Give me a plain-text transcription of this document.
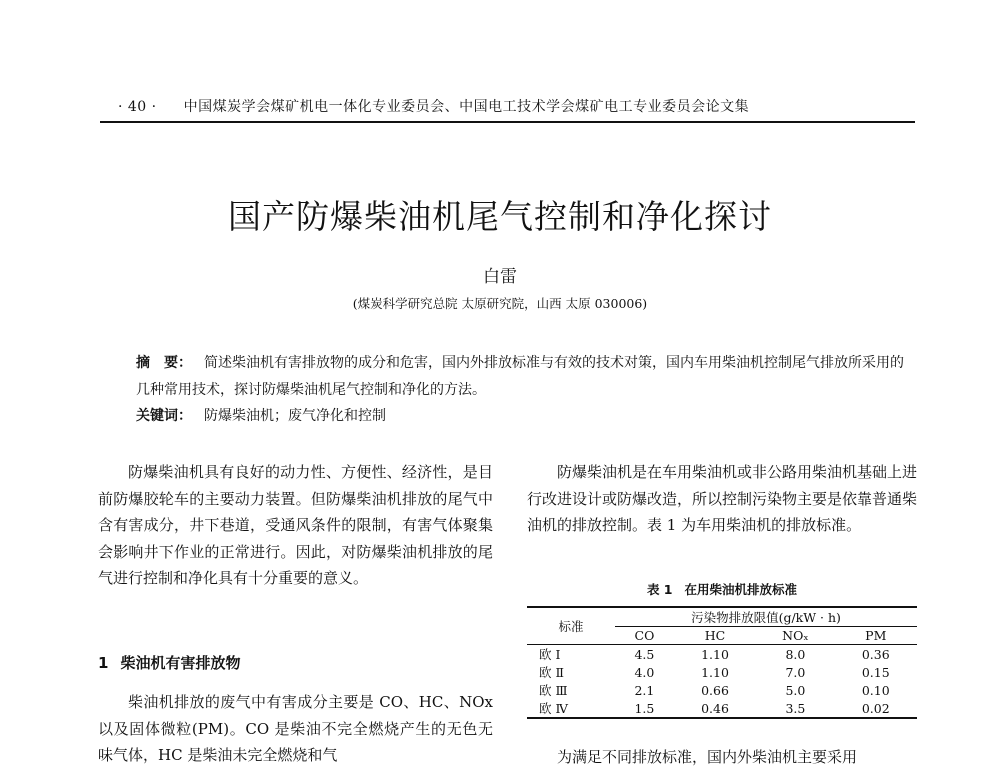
· 40 · 中国煤炭学会煤矿机电一体化专业委员会、中国电工技术学会煤矿电工专业委员会论文集
国产防爆柴油机尾气控制和净化探讨
白雷
(煤炭科学研究总院 太原研究院，山西 太原 030006)
摘　要： 简述柴油机有害排放物的成分和危害，国内外排放标准与有效的技术对策，国内车用柴油机控制尾气排放所采用的几种常用技术，探讨防爆柴油机尾气控制和净化的方法。
关键词： 防爆柴油机；废气净化和控制

防爆柴油机具有良好的动力性、方便性、经济性，是目前防爆胶轮车的主要动力装置。但防爆柴油机排放的尾气中含有害成分，井下巷道，受通风条件的限制，有害气体聚集会影响井下作业的正常进行。因此，对防爆柴油机排放的尾气进行控制和净化具有十分重要的意义。

1 柴油机有害排放物

柴油机排放的废气中有害成分主要是 CO、HC、NOx 以及固体微粒(PM)。CO 是柴油不完全燃烧产生的无色无味气体，HC 是柴油未完全燃烧和气

防爆柴油机是在车用柴油机或非公路用柴油机基础上进行改进设计或防爆改造，所以控制污染物主要是依靠普通柴油机的排放控制。表 1 为车用柴油机的排放标准。

表 1 在用柴油机排放标准
标准	污染物排放限值(g/kW · h)			
	CO	HC	NOₓ	PM
欧 Ⅰ	4.5	1.10	8.0	0.36
欧 Ⅱ	4.0	1.10	7.0	0.15
欧 Ⅲ	2.1	0.66	5.0	0.10
欧 Ⅳ	1.5	0.46	3.5	0.02

为满足不同排放标准，国内外柴油机主要采用
